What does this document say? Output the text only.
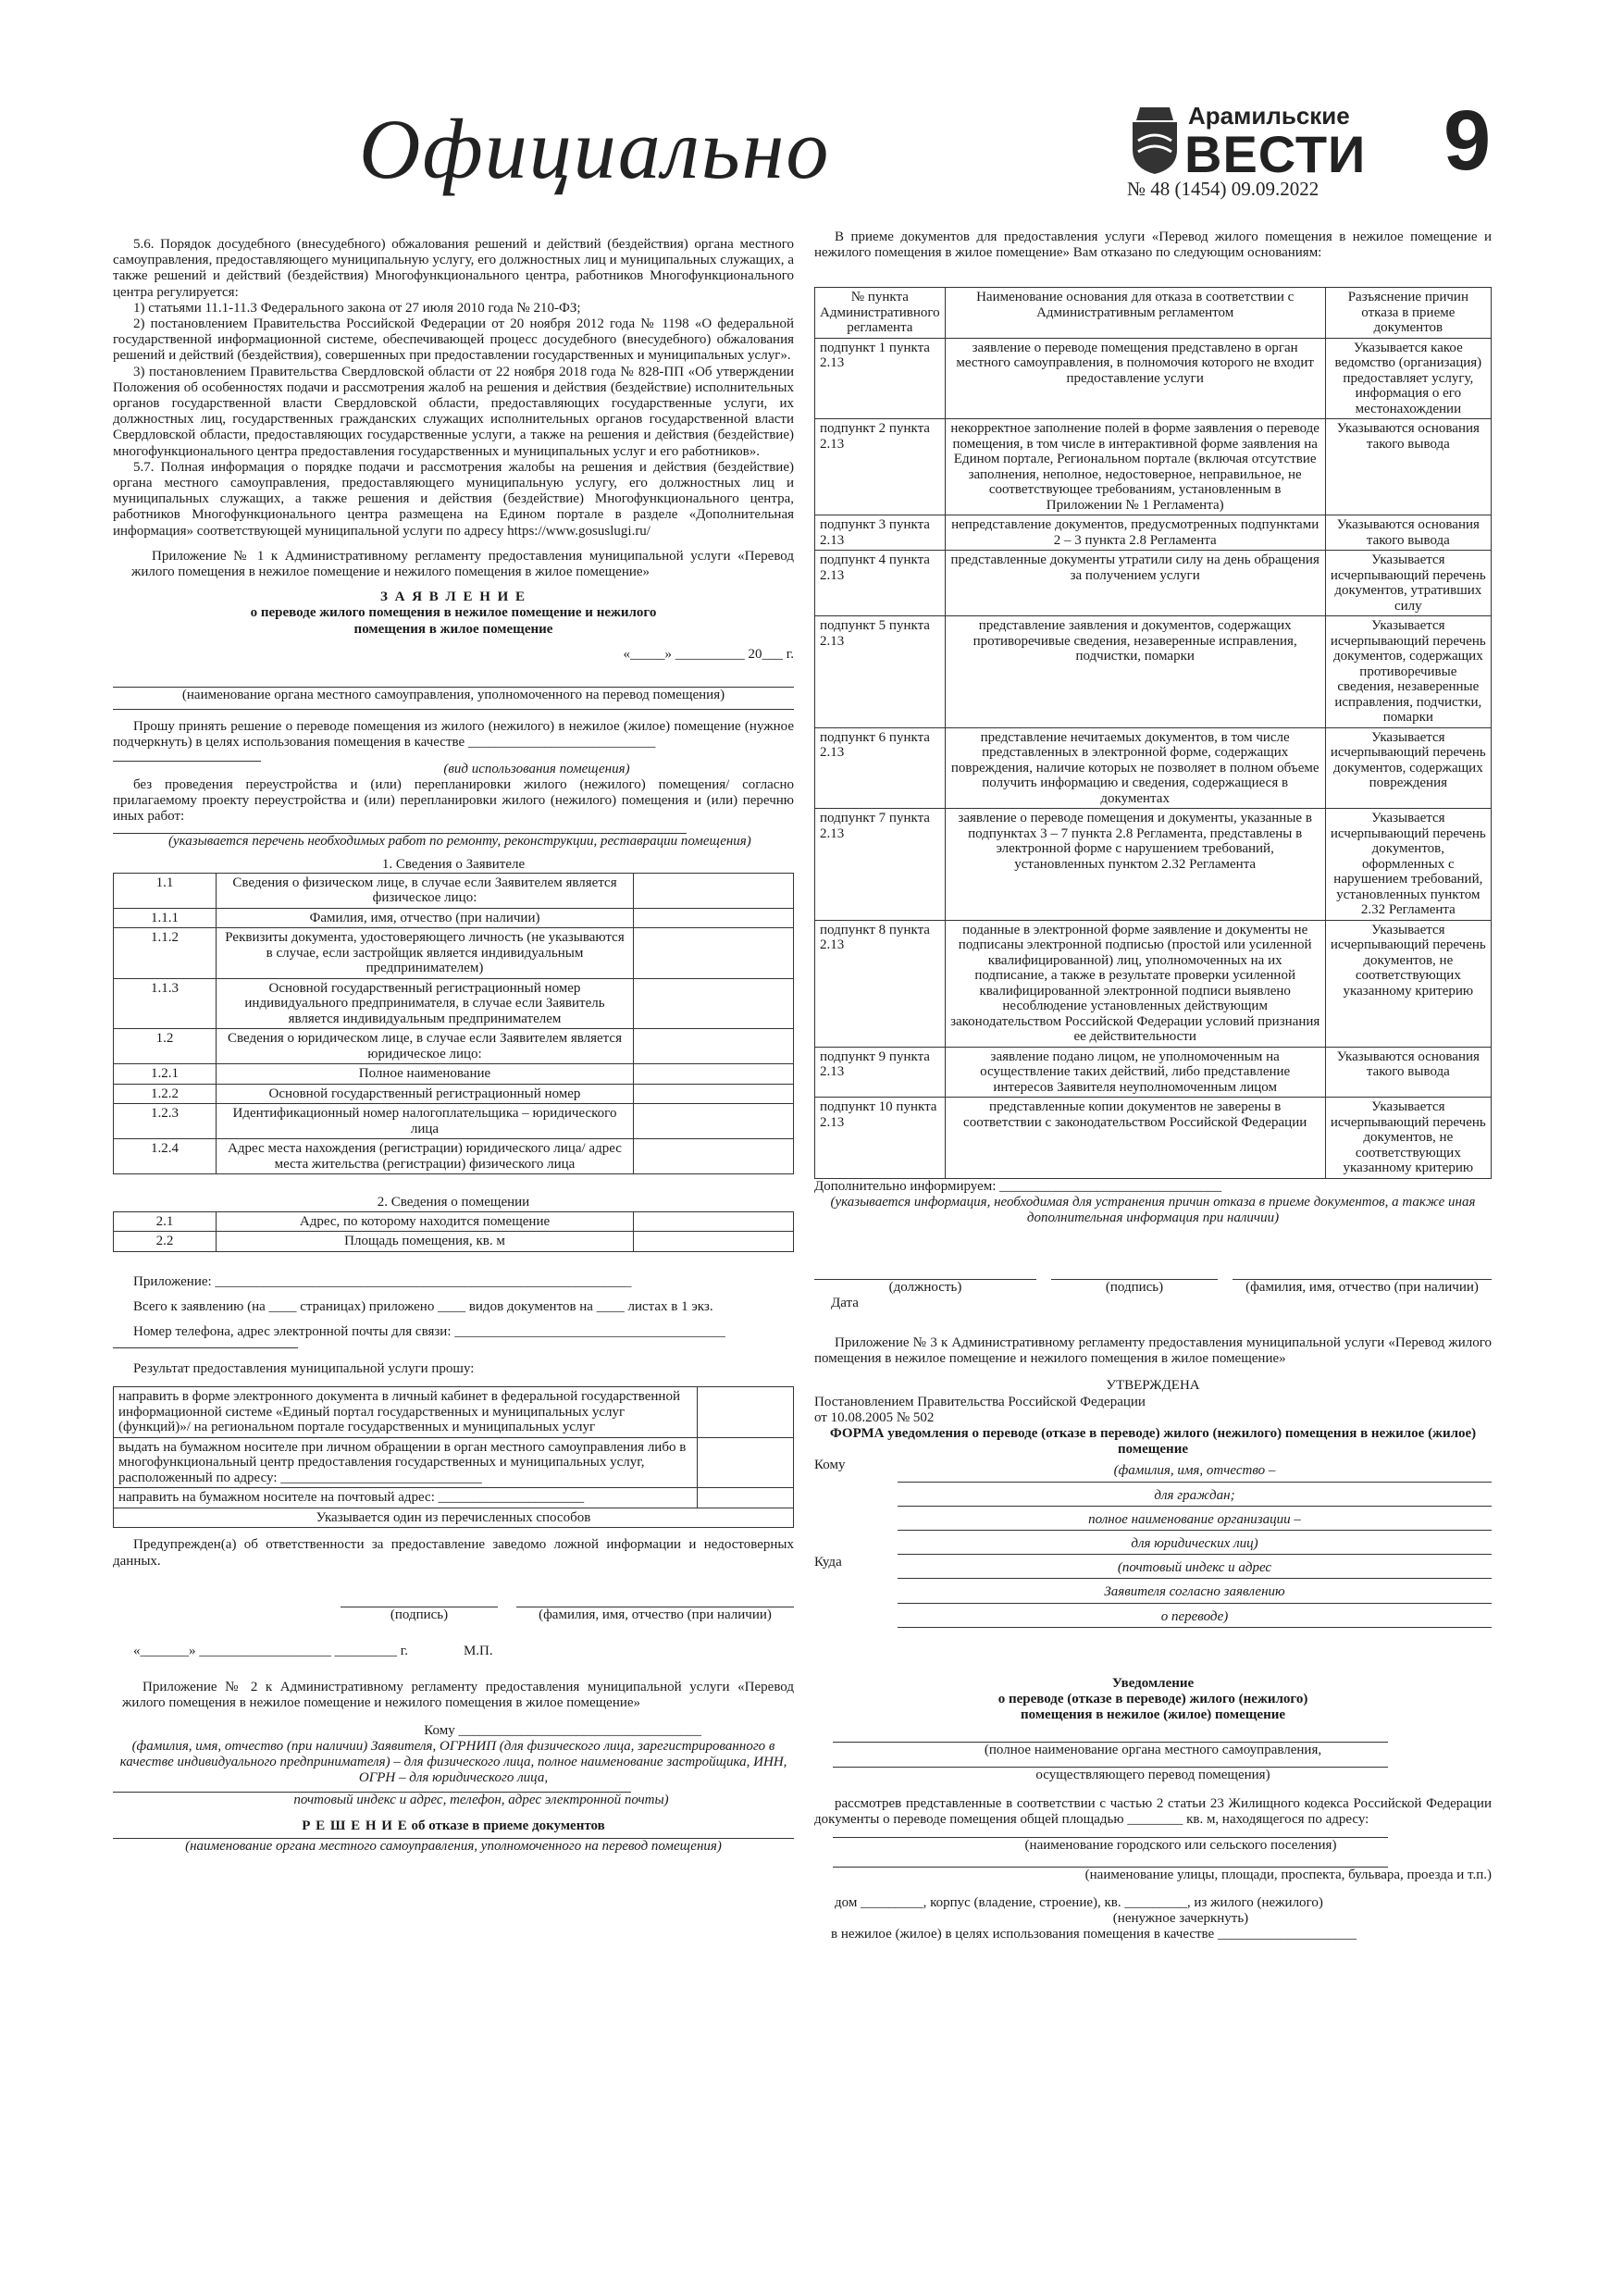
Официально	Арамильские
ВЕСТИ
№ 48 (1454) 09.09.2022
9

5.6. Порядок досудебного (внесудебного) обжалования решений и действий (бездействия) органа местного самоуправления, предоставляющего муниципальную услугу, его должностных лиц и муниципальных служащих, а также решений и действий (бездействия) Многофункционального центра, работников Многофункционального центра регулируется:

1) статьями 11.1-11.3 Федерального закона от 27 июля 2010 года № 210-ФЗ;

2) постановлением Правительства Российской Федерации от 20 ноября 2012 года № 1198 «О федеральной государственной информационной системе, обеспечивающей процесс досудебного (внесудебного) обжалования решений и действий (бездействия), совершенных при предоставлении государственных и муниципальных услуг».

3) постановлением Правительства Свердловской области от 22 ноября 2018 года № 828-ПП «Об утверждении Положения об особенностях подачи и рассмотрения жалоб на решения и действия (бездействие) исполнительных органов государственной власти Свердловской области, предоставляющих государственные услуги, их должностных лиц, государственных гражданских служащих исполнительных органов государственной власти Свердловской области, предоставляющих государственные услуги, а также на решения и действия (бездействие) многофункционального центра предоставления государственных и муниципальных услуг и его работников».

5.7. Полная информация о порядке подачи и рассмотрения жалобы на решения и действия (бездействие) органа местного самоуправления, предоставляющего муниципальную услугу, его должностных лиц и муниципальных служащих, а также решения и действия (бездействие) Многофункционального центра, работников Многофункционального центра размещена на Едином портале в разделе «Дополнительная информация» соответствующей муниципальной услуги по адресу https://www.gosuslugi.ru/

Приложение № 1 к Административному регламенту предоставления муниципальной услуги «Перевод жилого помещения в нежилое помещение и нежилого помещения в жилое помещение»

З А Я В Л Е Н И Е

о переводе жилого помещения в нежилое помещение и нежилого помещения в жилое помещение

«_____» __________ 20___ г.

(наименование органа местного самоуправления, уполномоченного на перевод помещения)

Прошу принять решение о переводе помещения из жилого (нежилого) в нежилое (жилое) помещение (нужное подчеркнуть) в целях использования помещения в качестве ___________________________

(вид использования помещения)

без проведения переустройства и (или) перепланировки жилого (нежилого) помещения/ согласно прилагаемому проекту переустройства и (или) перепланировки жилого (нежилого) помещения и (или) перечню иных работ:

(указывается перечень необходимых работ по ремонту, реконструкции, реставрации помещения)

1. Сведения о Заявителе

1.1	Сведения о физическом лице, в случае если Заявителем является физическое лицо:	
1.1.1	Фамилия, имя, отчество (при наличии)	
1.1.2	Реквизиты документа, удостоверяющего личность (не указываются в случае, если застройщик является индивидуальным предпринимателем)	
1.1.3	Основной государственный регистрационный номер индивидуального предпринимателя, в случае если Заявитель является индивидуальным предпринимателем	
1.2	Сведения о юридическом лице, в случае если Заявителем является юридическое лицо:	
1.2.1	Полное наименование	
1.2.2	Основной государственный регистрационный номер	
1.2.3	Идентификационный номер налогоплательщика – юридического лица	
1.2.4	Адрес места нахождения (регистрации) юридического лица/ адрес места жительства (регистрации) физического лица	

2. Сведения о помещении

2.1	Адрес, по которому находится помещение	
2.2	Площадь помещения, кв. м	

Приложение: ____________________________________________________________

Всего к заявлению (на ____ страницах) приложено ____ видов документов на ____ листах в 1 экз.

Номер телефона, адрес электронной почты для связи: _______________________________________

Результат предоставления муниципальной услуги прошу:

направить в форме электронного документа в личный кабинет в федеральной государственной информационной системе «Единый портал государственных и муниципальных услуг (функций)»/ на региональном портале государственных и муниципальных услуг	
выдать на бумажном носителе при личном обращении в орган местного самоуправления либо в многофункциональный центр предоставления государственных и муниципальных услуг, расположенный по адресу: _____________________________	
направить на бумажном носителе на почтовый адрес: _____________________	
Указывается один из перечисленных способов	

Предупрежден(а) об ответственности за предоставление заведомо ложной информации и недостоверных данных.

(подпись)	(фамилия, имя, отчество (при наличии)
«_______» ___________________ _________ г.	М.П.

Приложение № 2 к Административному регламенту предоставления муниципальной услуги «Перевод жилого помещения в нежилое помещение и нежилого помещения в жилое помещение»

Кому ___________________________________

(фамилия, имя, отчество (при наличии) Заявителя, ОГРНИП (для физического лица, зарегистрированного в качестве индивидуального предпринимателя) – для физического лица, полное наименование застройщика, ИНН, ОГРН – для юридического лица,

почтовый индекс и адрес, телефон, адрес электронной почты)

Р Е Ш Е Н И Е об отказе в приеме документов

(наименование органа местного самоуправления, уполномоченного на перевод помещения)

В приеме документов для предоставления услуги «Перевод жилого помещения в нежилое помещение и нежилого помещения в жилое помещение» Вам отказано по следующим основаниям:

№ пункта Административного регламента	Наименование основания для отказа в соответствии с Административным регламентом	Разъяснение причин отказа в приеме документов
подпункт 1 пункта 2.13	заявление о переводе помещения представлено в орган местного самоуправления, в полномочия которого не входит предоставление услуги	Указывается какое ведомство (организация) предоставляет услугу, информация о его местонахождении
подпункт 2 пункта 2.13	некорректное заполнение полей в форме заявления о переводе помещения, в том числе в интерактивной форме заявления на Едином портале, Региональном портале (включая отсутствие заполнения, неполное, недостоверное, неправильное, не соответствующее требованиям, установленным в Приложении № 1 Регламента)	Указываются основания такого вывода
подпункт 3 пункта 2.13	непредставление документов, предусмотренных подпунктами 2 – 3 пункта 2.8 Регламента	Указываются основания такого вывода
подпункт 4 пункта 2.13	представленные документы утратили силу на день обращения за получением услуги	Указывается исчерпывающий перечень документов, утративших силу
подпункт 5 пункта 2.13	представление заявления и документов, содержащих противоречивые сведения, незаверенные исправления, подчистки, помарки	Указывается исчерпывающий перечень документов, содержащих противоречивые сведения, незаверенные исправления, подчистки, помарки
подпункт 6 пункта 2.13	представление нечитаемых документов, в том числе представленных в электронной форме, содержащих повреждения, наличие которых не позволяет в полном объеме получить информацию и сведения, содержащиеся в документах	Указывается исчерпывающий перечень документов, содержащих повреждения
подпункт 7 пункта 2.13	заявление о переводе помещения и документы, указанные в подпунктах 3 – 7 пункта 2.8 Регламента, представлены в электронной форме с нарушением требований, установленных пунктом 2.32 Регламента	Указывается исчерпывающий перечень документов, оформленных с нарушением требований, установленных пунктом 2.32 Регламента
подпункт 8 пункта 2.13	поданные в электронной форме заявление и документы не подписаны электронной подписью (простой или усиленной квалифицированной) лиц, уполномоченных на их подписание, а также в результате проверки усиленной квалифицированной электронной подписи выявлено несоблюдение установленных действующим законодательством Российской Федерации условий признания ее действительности	Указывается исчерпывающий перечень документов, не соответствующих указанному критерию
подпункт 9 пункта 2.13	заявление подано лицом, не уполномоченным на осуществление таких действий, либо представление интересов Заявителя неуполномоченным лицом	Указываются основания такого вывода
подпункт 10 пункта 2.13	представленные копии документов не заверены в соответствии с законодательством Российской Федерации	Указывается исчерпывающий перечень документов, не соответствующих указанному критерию

Дополнительно информируем: ________________________________

(указывается информация, необходимая для устранения причин отказа в приеме документов, а также иная дополнительная информация при наличии)

(должность)	(подпись)	(фамилия, имя, отчество (при наличии)

Дата

Приложение № 3 к Административному регламенту предоставления муниципальной услуги «Перевод жилого помещения в нежилое помещение и нежилого помещения в жилое помещение»

УТВЕРЖДЕНА

Постановлением Правительства Российской Федерации

от 10.08.2005 № 502

ФОРМА уведомления о переводе (отказе в переводе) жилого (нежилого) помещения в нежилое (жилое) помещение

Кому	(фамилия, имя, отчество –
для граждан;
полное наименование организации –
для юридических лиц)
Куда	(почтовый индекс и адрес
Заявителя согласно заявлению
о переводе)

Уведомление

о переводе (отказе в переводе) жилого (нежилого) помещения в нежилое (жилое) помещение

(полное наименование органа местного самоуправления,

осуществляющего перевод помещения)

рассмотрев представленные в соответствии с частью 2 статьи 23 Жилищного кодекса Российской Федерации документы о переводе помещения общей площадью ________ кв. м, находящегося по адресу:

(наименование городского или сельского поселения)

(наименование улицы, площади, проспекта, бульвара, проезда и т.п.)

дом _________, корпус (владение, строение), кв. _________, из жилого (нежилого)

(ненужное зачеркнуть)

в нежилое (жилое) в целях использования помещения в качестве ____________________
